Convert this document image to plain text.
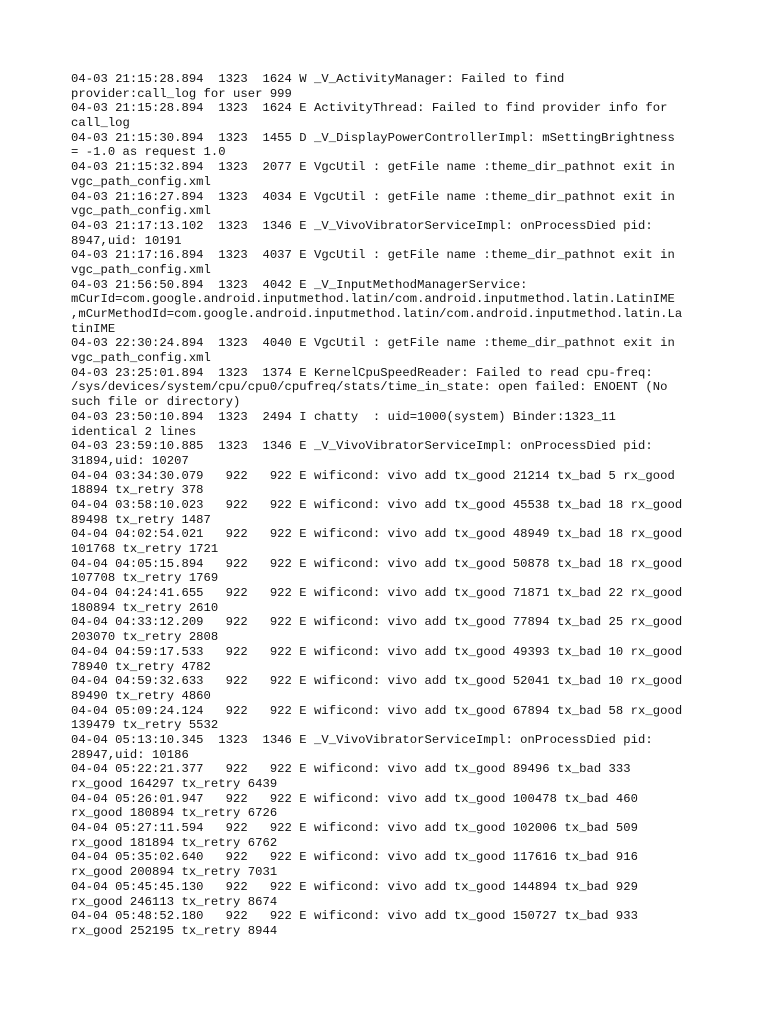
04-03 21:15:28.894  1323  1624 W _V_ActivityManager: Failed to find
provider:call_log for user 999
04-03 21:15:28.894  1323  1624 E ActivityThread: Failed to find provider info for
call_log
04-03 21:15:30.894  1323  1455 D _V_DisplayPowerControllerImpl: mSettingBrightness
= -1.0 as request 1.0
04-03 21:15:32.894  1323  2077 E VgcUtil : getFile name :theme_dir_pathnot exit in
vgc_path_config.xml
04-03 21:16:27.894  1323  4034 E VgcUtil : getFile name :theme_dir_pathnot exit in
vgc_path_config.xml
04-03 21:17:13.102  1323  1346 E _V_VivoVibratorServiceImpl: onProcessDied pid:
8947,uid: 10191
04-03 21:17:16.894  1323  4037 E VgcUtil : getFile name :theme_dir_pathnot exit in
vgc_path_config.xml
04-03 21:56:50.894  1323  4042 E _V_InputMethodManagerService:
mCurId=com.google.android.inputmethod.latin/com.android.inputmethod.latin.LatinIME
,mCurMethodId=com.google.android.inputmethod.latin/com.android.inputmethod.latin.La
tinIME
04-03 22:30:24.894  1323  4040 E VgcUtil : getFile name :theme_dir_pathnot exit in
vgc_path_config.xml
04-03 23:25:01.894  1323  1374 E KernelCpuSpeedReader: Failed to read cpu-freq:
/sys/devices/system/cpu/cpu0/cpufreq/stats/time_in_state: open failed: ENOENT (No
such file or directory)
04-03 23:50:10.894  1323  2494 I chatty  : uid=1000(system) Binder:1323_11
identical 2 lines
04-03 23:59:10.885  1323  1346 E _V_VivoVibratorServiceImpl: onProcessDied pid:
31894,uid: 10207
04-04 03:34:30.079   922   922 E wificond: vivo add tx_good 21214 tx_bad 5 rx_good
18894 tx_retry 378
04-04 03:58:10.023   922   922 E wificond: vivo add tx_good 45538 tx_bad 18 rx_good
89498 tx_retry 1487
04-04 04:02:54.021   922   922 E wificond: vivo add tx_good 48949 tx_bad 18 rx_good
101768 tx_retry 1721
04-04 04:05:15.894   922   922 E wificond: vivo add tx_good 50878 tx_bad 18 rx_good
107708 tx_retry 1769
04-04 04:24:41.655   922   922 E wificond: vivo add tx_good 71871 tx_bad 22 rx_good
180894 tx_retry 2610
04-04 04:33:12.209   922   922 E wificond: vivo add tx_good 77894 tx_bad 25 rx_good
203070 tx_retry 2808
04-04 04:59:17.533   922   922 E wificond: vivo add tx_good 49393 tx_bad 10 rx_good
78940 tx_retry 4782
04-04 04:59:32.633   922   922 E wificond: vivo add tx_good 52041 tx_bad 10 rx_good
89490 tx_retry 4860
04-04 05:09:24.124   922   922 E wificond: vivo add tx_good 67894 tx_bad 58 rx_good
139479 tx_retry 5532
04-04 05:13:10.345  1323  1346 E _V_VivoVibratorServiceImpl: onProcessDied pid:
28947,uid: 10186
04-04 05:22:21.377   922   922 E wificond: vivo add tx_good 89496 tx_bad 333
rx_good 164297 tx_retry 6439
04-04 05:26:01.947   922   922 E wificond: vivo add tx_good 100478 tx_bad 460
rx_good 180894 tx_retry 6726
04-04 05:27:11.594   922   922 E wificond: vivo add tx_good 102006 tx_bad 509
rx_good 181894 tx_retry 6762
04-04 05:35:02.640   922   922 E wificond: vivo add tx_good 117616 tx_bad 916
rx_good 200894 tx_retry 7031
04-04 05:45:45.130   922   922 E wificond: vivo add tx_good 144894 tx_bad 929
rx_good 246113 tx_retry 8674
04-04 05:48:52.180   922   922 E wificond: vivo add tx_good 150727 tx_bad 933
rx_good 252195 tx_retry 8944
